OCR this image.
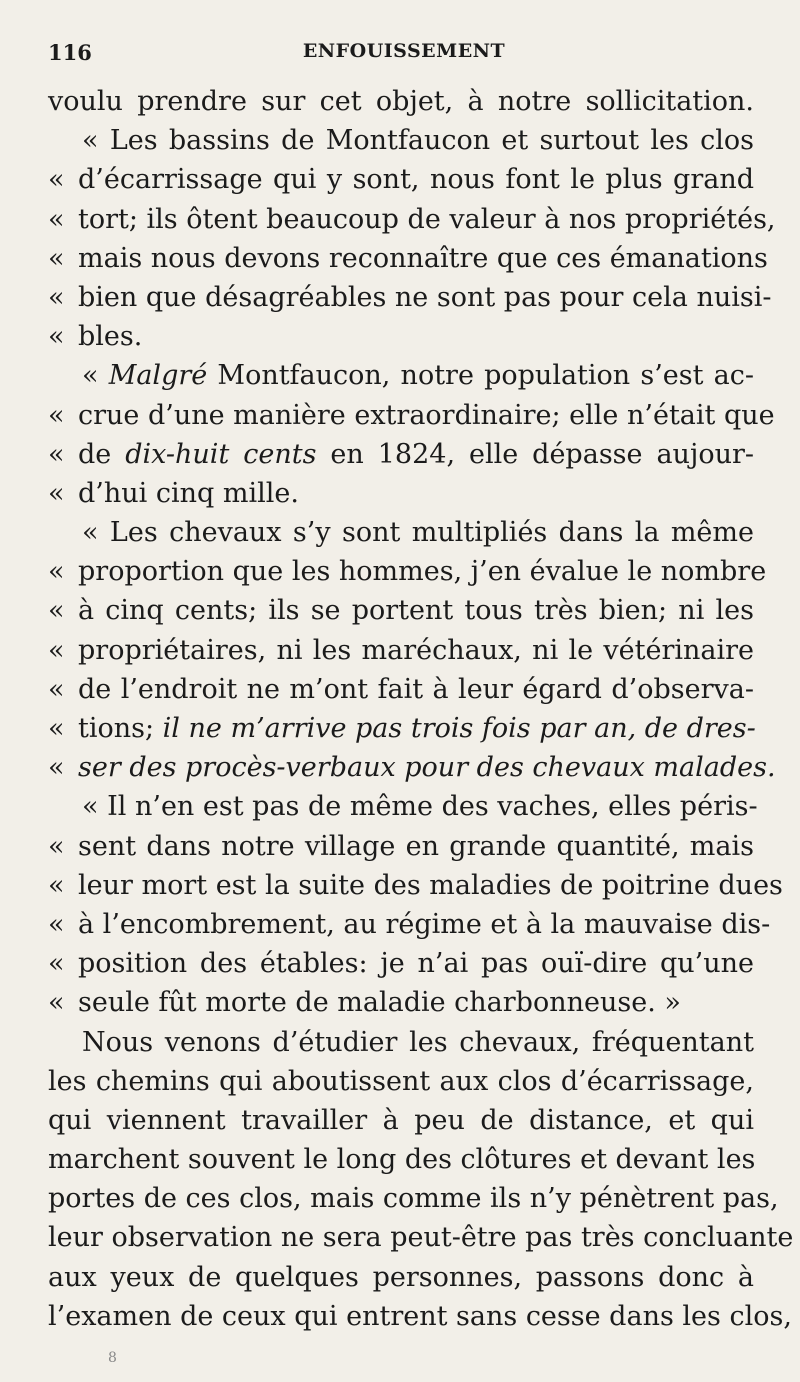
116	ENFOUISSEMENT
voulu prendre sur cet objet, à notre sollicitation.
« Les bassins de Montfaucon et surtout les clos
« d’écarrissage qui y sont, nous font le plus grand
« tort; ils ôtent beaucoup de valeur à nos propriétés,
« mais nous devons reconnaître que ces émanations
« bien que désagréables ne sont pas pour cela nuisi-
« bles.
« Malgré Montfaucon, notre population s’est ac-
« crue d’une manière extraordinaire; elle n’était que
« de dix-huit cents en 1824, elle dépasse aujour-
« d’hui cinq mille.
« Les chevaux s’y sont multipliés dans la même
« proportion que les hommes, j’en évalue le nombre
« à cinq cents; ils se portent tous très bien; ni les
« propriétaires, ni les maréchaux, ni le vétérinaire
« de l’endroit ne m’ont fait à leur égard d’observa-
« tions; il ne m’arrive pas trois fois par an, de dres-
« ser des procès-verbaux pour des chevaux malades.
« Il n’en est pas de même des vaches, elles péris-
« sent dans notre village en grande quantité, mais
« leur mort est la suite des maladies de poitrine dues
« à l’encombrement, au régime et à la mauvaise dis-
« position des étables: je n’ai pas ouï-dire qu’une
« seule fût morte de maladie charbonneuse. »
Nous venons d’étudier les chevaux, fréquentant
les chemins qui aboutissent aux clos d’écarrissage,
qui viennent travailler à peu de distance, et qui
marchent souvent le long des clôtures et devant les
portes de ces clos, mais comme ils n’y pénètrent pas,
leur observation ne sera peut-être pas très concluante
aux yeux de quelques personnes, passons donc à
l’examen de ceux qui entrent sans cesse dans les clos,
8
